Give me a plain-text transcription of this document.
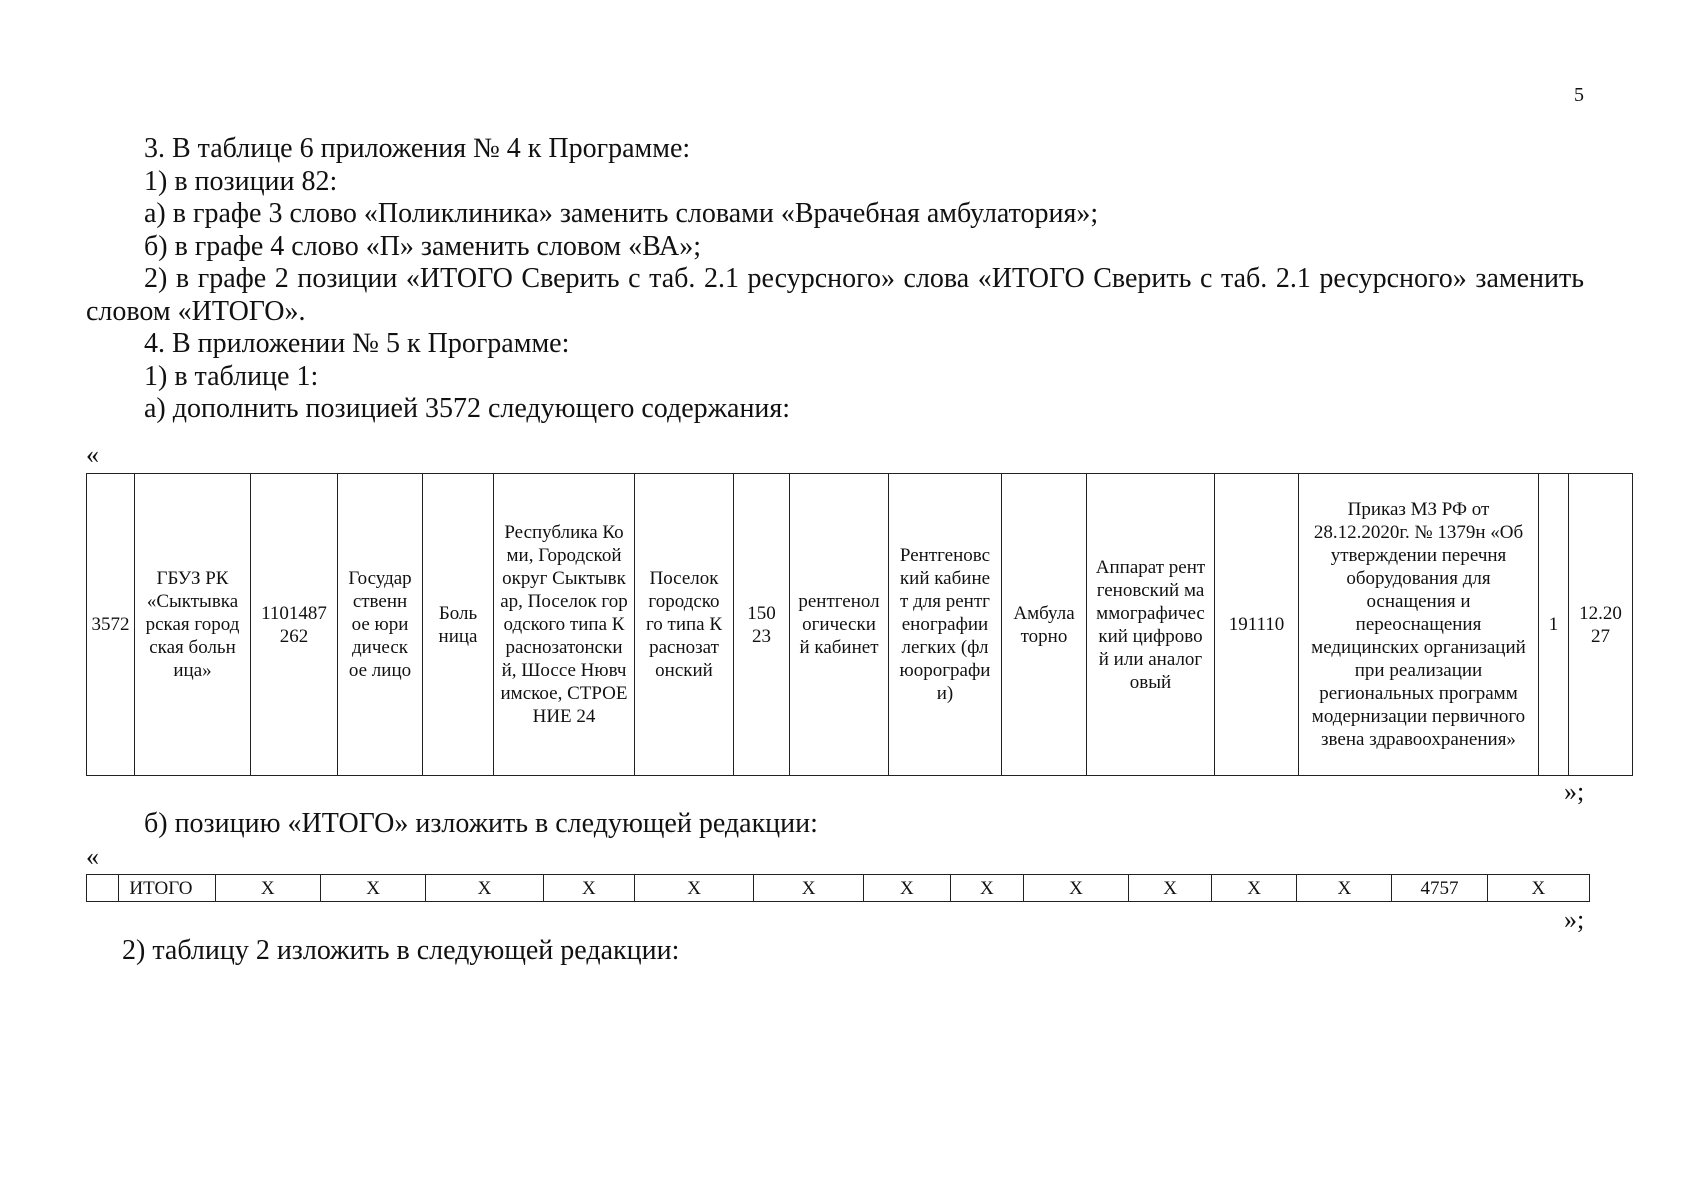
5
3. В таблице 6 приложения № 4 к Программе:
1) в позиции 82:
а) в графе 3 слово «Поликлиника» заменить словами «Врачебная амбулатория»;
б) в графе 4 слово «П» заменить словом «ВА»;
2) в графе 2 позиции «ИТОГО Сверить с таб. 2.1 ресурсного» слова «ИТОГО Сверить с таб. 2.1 ресурсного» заменить
словом «ИТОГО».
4. В приложении № 5 к Программе:
1) в таблице 1:
а) дополнить позицией 3572 следующего содержания:
«
3572	ГБУЗ РК «Сыктывкарская городская больница»	1101487262	Государственное юридическое лицо	Больница	Республика Коми, Городской округ Сыктывкар, Поселок городского типа Краснозатонский, Шоссе Нювчимское, СТРОЕНИЕ 24	Поселок городского типа Краснозатонский	15023	рентгенологический кабинет	Рентгеновский кабинет для рентгенографии легких (флюорографии)	Амбулаторно	Аппарат рентгеновский маммографический цифровой или аналоговый	191110	Приказ МЗ РФ от 28.12.2020г. № 1379н «Об утверждении перечня оборудования для оснащения и переоснащения медицинских организаций при реализации региональных программ модернизации первичного звена здравоохранения»	1	12.2027
»;
б) позицию «ИТОГО» изложить в следующей редакции:
«
	ИТОГО	Х	Х	Х	Х	Х	Х	Х	Х	Х	Х	Х	Х	4757	Х
»;
2) таблицу 2 изложить в следующей редакции:
